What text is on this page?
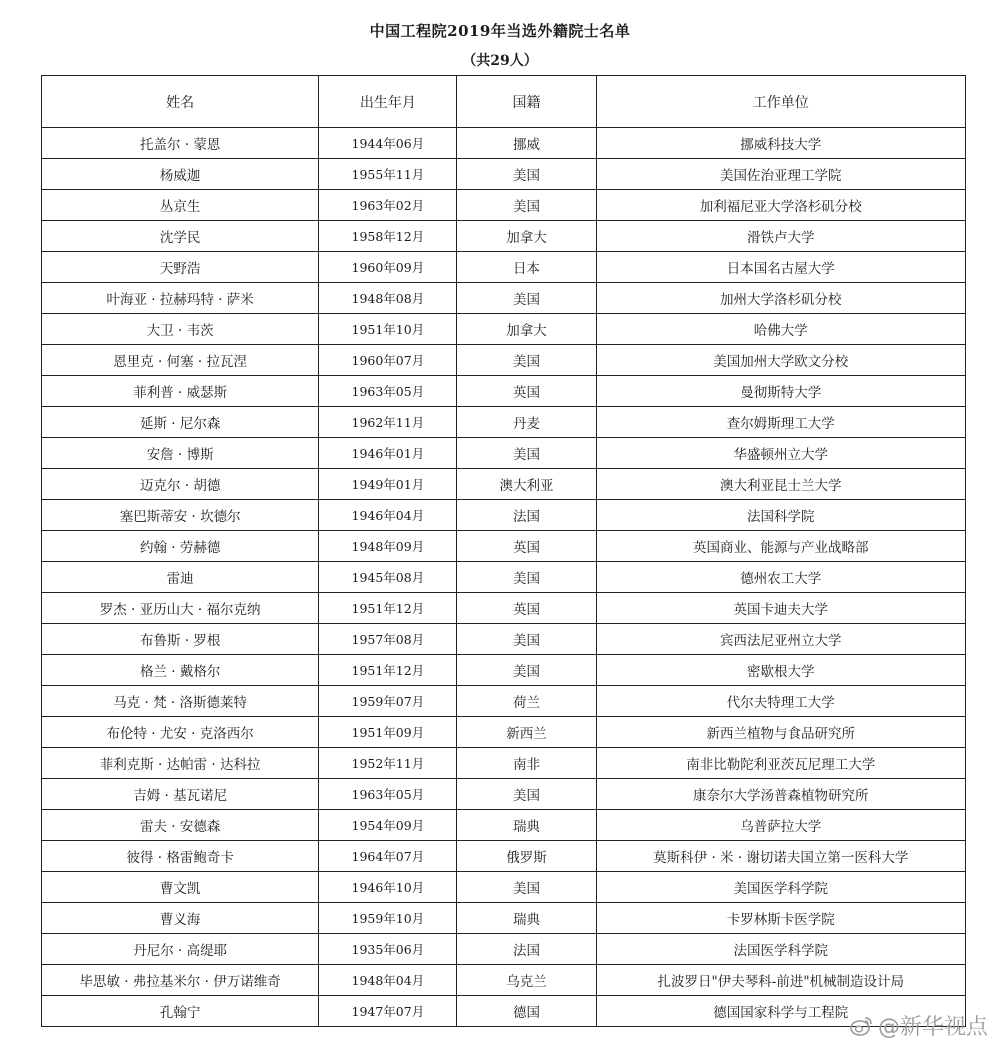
中国工程院2019年当选外籍院士名单
（共29人）
姓名	出生年月	国籍	工作单位
托盖尔 · 蒙恩	1944年06月	挪威	挪威科技大学
杨威迦	1955年11月	美国	美国佐治亚理工学院
丛京生	1963年02月	美国	加利福尼亚大学洛杉矶分校
沈学民	1958年12月	加拿大	滑铁卢大学
天野浩	1960年09月	日本	日本国名古屋大学
叶海亚 · 拉赫玛特 · 萨米	1948年08月	美国	加州大学洛杉矶分校
大卫 · 韦茨	1951年10月	加拿大	哈佛大学
恩里克 · 何塞 · 拉瓦涅	1960年07月	美国	美国加州大学欧文分校
菲利普 · 威瑟斯	1963年05月	英国	曼彻斯特大学
延斯 · 尼尔森	1962年11月	丹麦	查尔姆斯理工大学
安詹 · 博斯	1946年01月	美国	华盛顿州立大学
迈克尔 · 胡德	1949年01月	澳大利亚	澳大利亚昆士兰大学
塞巴斯蒂安 · 坎德尔	1946年04月	法国	法国科学院
约翰 · 劳赫德	1948年09月	英国	英国商业、能源与产业战略部
雷迪	1945年08月	美国	德州农工大学
罗杰 · 亚历山大 · 福尔克纳	1951年12月	英国	英国卡迪夫大学
布鲁斯 · 罗根	1957年08月	美国	宾西法尼亚州立大学
格兰 · 戴格尔	1951年12月	美国	密歇根大学
马克 · 梵 · 洛斯德莱特	1959年07月	荷兰	代尔夫特理工大学
布伦特 · 尤安 · 克洛西尔	1951年09月	新西兰	新西兰植物与食品研究所
菲利克斯 · 达帕雷 · 达科拉	1952年11月	南非	南非比勒陀利亚茨瓦尼理工大学
吉姆 · 基瓦诺尼	1963年05月	美国	康奈尔大学汤普森植物研究所
雷夫 · 安德森	1954年09月	瑞典	乌普萨拉大学
彼得 · 格雷鲍奇卡	1964年07月	俄罗斯	莫斯科伊 · 米 · 谢切诺夫国立第一医科大学
曹文凯	1946年10月	美国	美国医学科学院
曹义海	1959年10月	瑞典	卡罗林斯卡医学院
丹尼尔 · 高缇耶	1935年06月	法国	法国医学科学院
毕思敏 · 弗拉基米尔 · 伊万诺维奇	1948年04月	乌克兰	扎波罗日"伊夫琴科-前进"机械制造设计局
孔翰宁	1947年07月	德国	德国国家科学与工程院
@新华视点
